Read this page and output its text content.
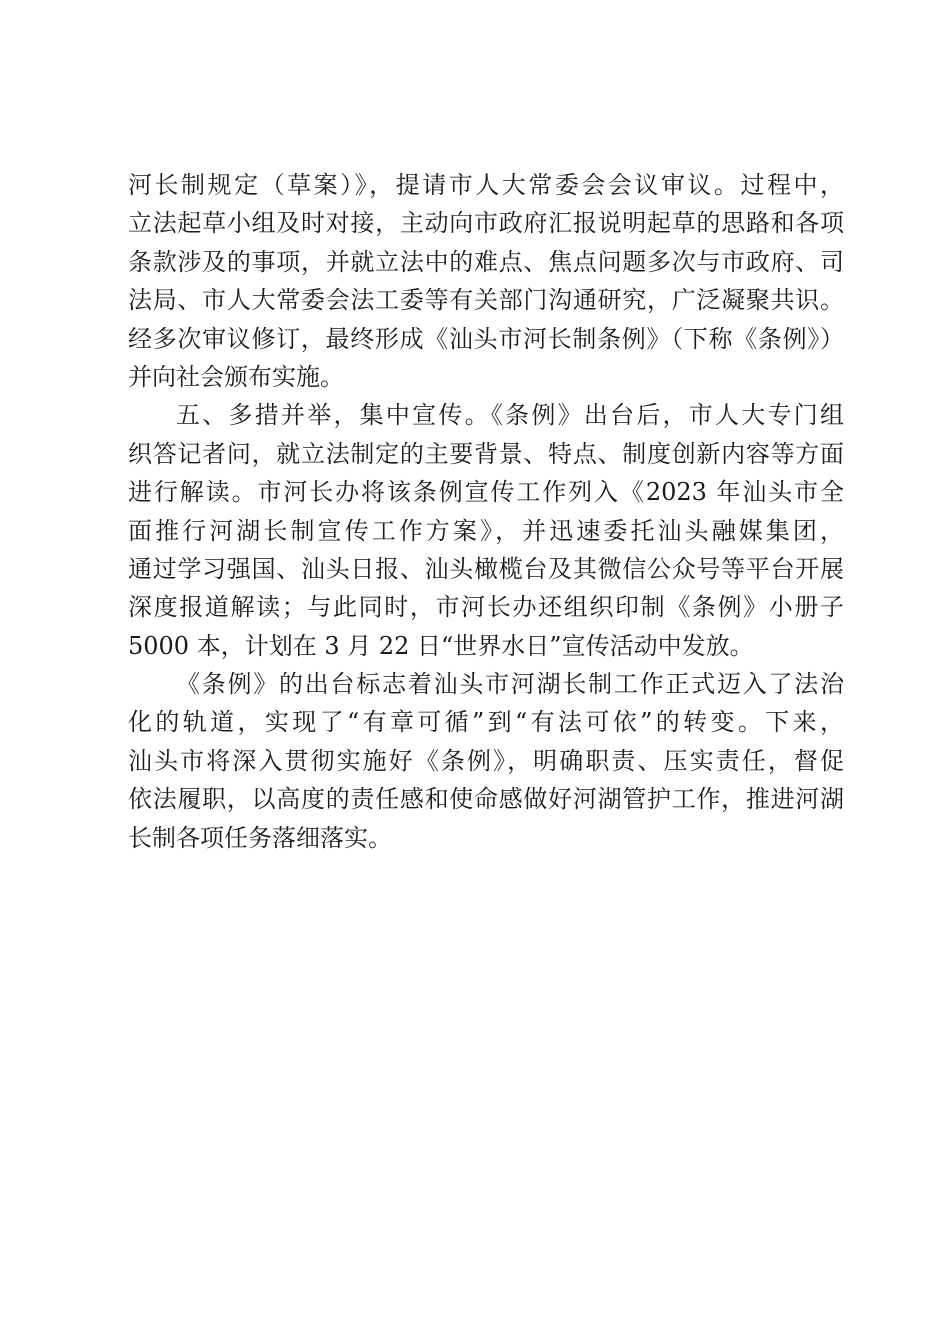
河长制规定（草案）》，提请市人大常委会会议审议。过程中，
立法起草小组及时对接，主动向市政府汇报说明起草的思路和各项
条款涉及的事项，并就立法中的难点、焦点问题多次与市政府、司
法局、市人大常委会法工委等有关部门沟通研究，广泛凝聚共识。
经多次审议修订，最终形成《汕头市河长制条例》（下称《条例》）
并向社会颁布实施。
五、多措并举，集中宣传。《条例》出台后，市人大专门组
织答记者问，就立法制定的主要背景、特点、制度创新内容等方面
进行解读。市河长办将该条例宣传工作列入《2023 年汕头市全
面推行河湖长制宣传工作方案》，并迅速委托汕头融媒集团，
通过学习强国、汕头日报、汕头橄榄台及其微信公众号等平台开展
深度报道解读；与此同时，市河长办还组织印制《条例》小册子
5000 本，计划在 3 月 22 日“世界水日”宣传活动中发放。
《条例》的出台标志着汕头市河湖长制工作正式迈入了法治
化的轨道，实现了“有章可循”到“有法可依”的转变。下来，
汕头市将深入贯彻实施好《条例》，明确职责、压实责任，督促
依法履职，以高度的责任感和使命感做好河湖管护工作，推进河湖
长制各项任务落细落实。
